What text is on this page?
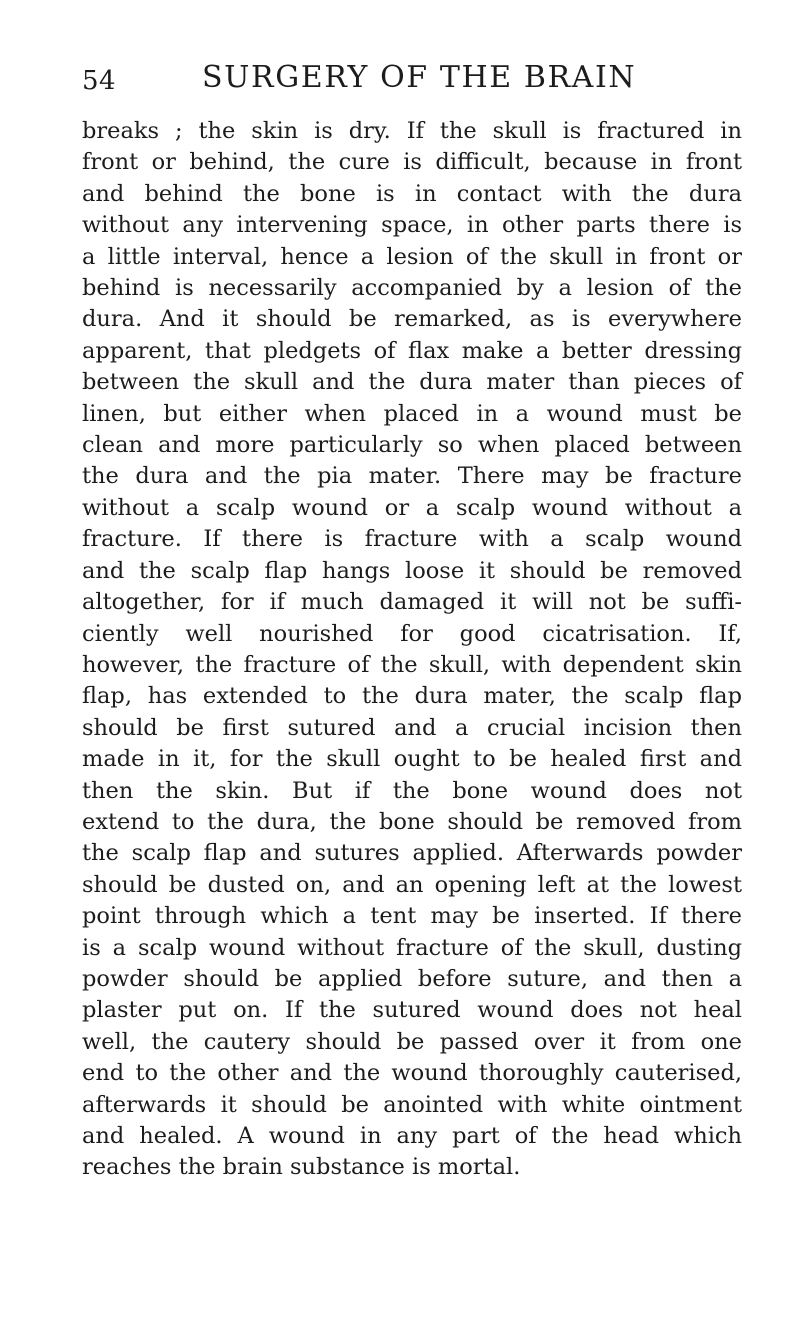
54	SURGERY OF THE BRAIN

breaks ; the skin is dry. If the skull is fractured in
front or behind, the cure is difficult, because in front
and behind the bone is in contact with the dura
without any intervening space, in other parts there is
a little interval, hence a lesion of the skull in front or
behind is necessarily accompanied by a lesion of the
dura. And it should be remarked, as is everywhere
apparent, that pledgets of flax make a better dressing
between the skull and the dura mater than pieces of
linen, but either when placed in a wound must be
clean and more particularly so when placed between
the dura and the pia mater. There may be fracture
without a scalp wound or a scalp wound without a
fracture. If there is fracture with a scalp wound
and the scalp flap hangs loose it should be removed
altogether, for if much damaged it will not be suffi-
ciently well nourished for good cicatrisation. If,
however, the fracture of the skull, with dependent skin
flap, has extended to the dura mater, the scalp flap
should be first sutured and a crucial incision then
made in it, for the skull ought to be healed first and
then the skin. But if the bone wound does not
extend to the dura, the bone should be removed from
the scalp flap and sutures applied. Afterwards powder
should be dusted on, and an opening left at the lowest
point through which a tent may be inserted. If there
is a scalp wound without fracture of the skull, dusting
powder should be applied before suture, and then a
plaster put on. If the sutured wound does not heal
well, the cautery should be passed over it from one
end to the other and the wound thoroughly cauterised,
afterwards it should be anointed with white ointment
and healed. A wound in any part of the head which
reaches the brain substance is mortal.
